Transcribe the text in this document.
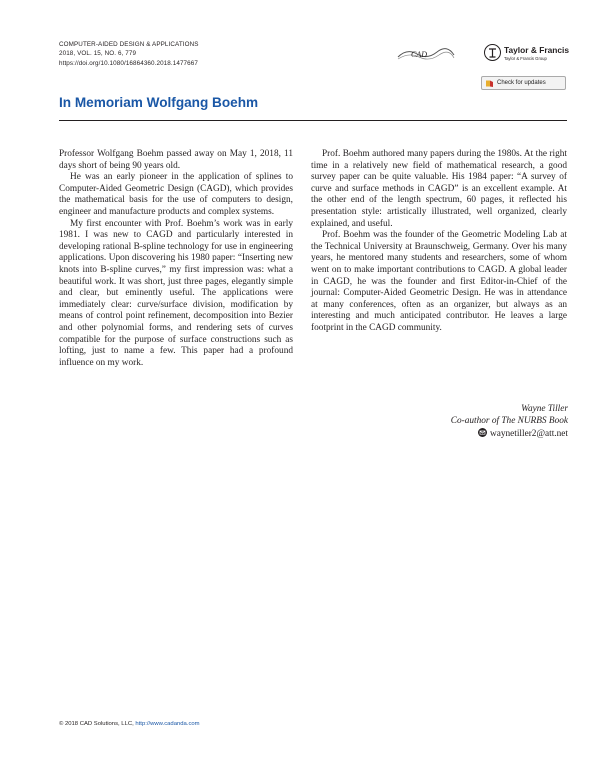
COMPUTER-AIDED DESIGN & APPLICATIONS
2018, VOL. 15, NO. 6, 779
https://doi.org/10.1080/16864360.2018.1477667
CAD	Taylor & Francis
Taylor & Francis Group
Check for updates
In Memoriam Wolfgang Boehm

Professor Wolfgang Boehm passed away on May 1, 2018, 11 days short of being 90 years old.

He was an early pioneer in the application of splines to Computer-Aided Geometric Design (CAGD), which provides the mathematical basis for the use of computers to design, engineer and manufacture products and complex systems.

My first encounter with Prof. Boehm’s work was in early 1981. I was new to CAGD and particularly interested in developing rational B-spline technology for use in engineering applications. Upon discovering his 1980 paper: “Inserting new knots into B-spline curves,” my first impression was: what a beautiful work. It was short, just three pages, elegantly simple and clear, but eminently useful. The applications were immediately clear: curve/surface division, modification by means of control point refinement, decomposition into Bezier and other polynomial forms, and rendering sets of curves compatible for the purpose of surface constructions such as lofting, just to name a few. This paper had a profound influence on my work.

Prof. Boehm authored many papers during the 1980s. At the right time in a relatively new field of mathematical research, a good survey paper can be quite valuable. His 1984 paper: “A survey of curve and surface methods in CAGD” is an excellent example. At the other end of the length spectrum, 60 pages, it reflected his presentation style: artistically illustrated, well organized, clearly explained, and useful.

Prof. Boehm was the founder of the Geometric Modeling Lab at the Technical University at Braunschweig, Germany. Over his many years, he mentored many students and researchers, some of whom went on to make important contributions to CAGD. A global leader in CAGD, he was the founder and first Editor-in-Chief of the journal: Computer-Aided Geometric Design. He was in attendance at many conferences, often as an organizer, but always as an interesting and much anticipated contributor. He leaves a large footprint in the CAGD community.

Wayne Tiller
Co-author of The NURBS Book
waynetiller2@att.net
© 2018 CAD Solutions, LLC, http://www.cadanda.com
